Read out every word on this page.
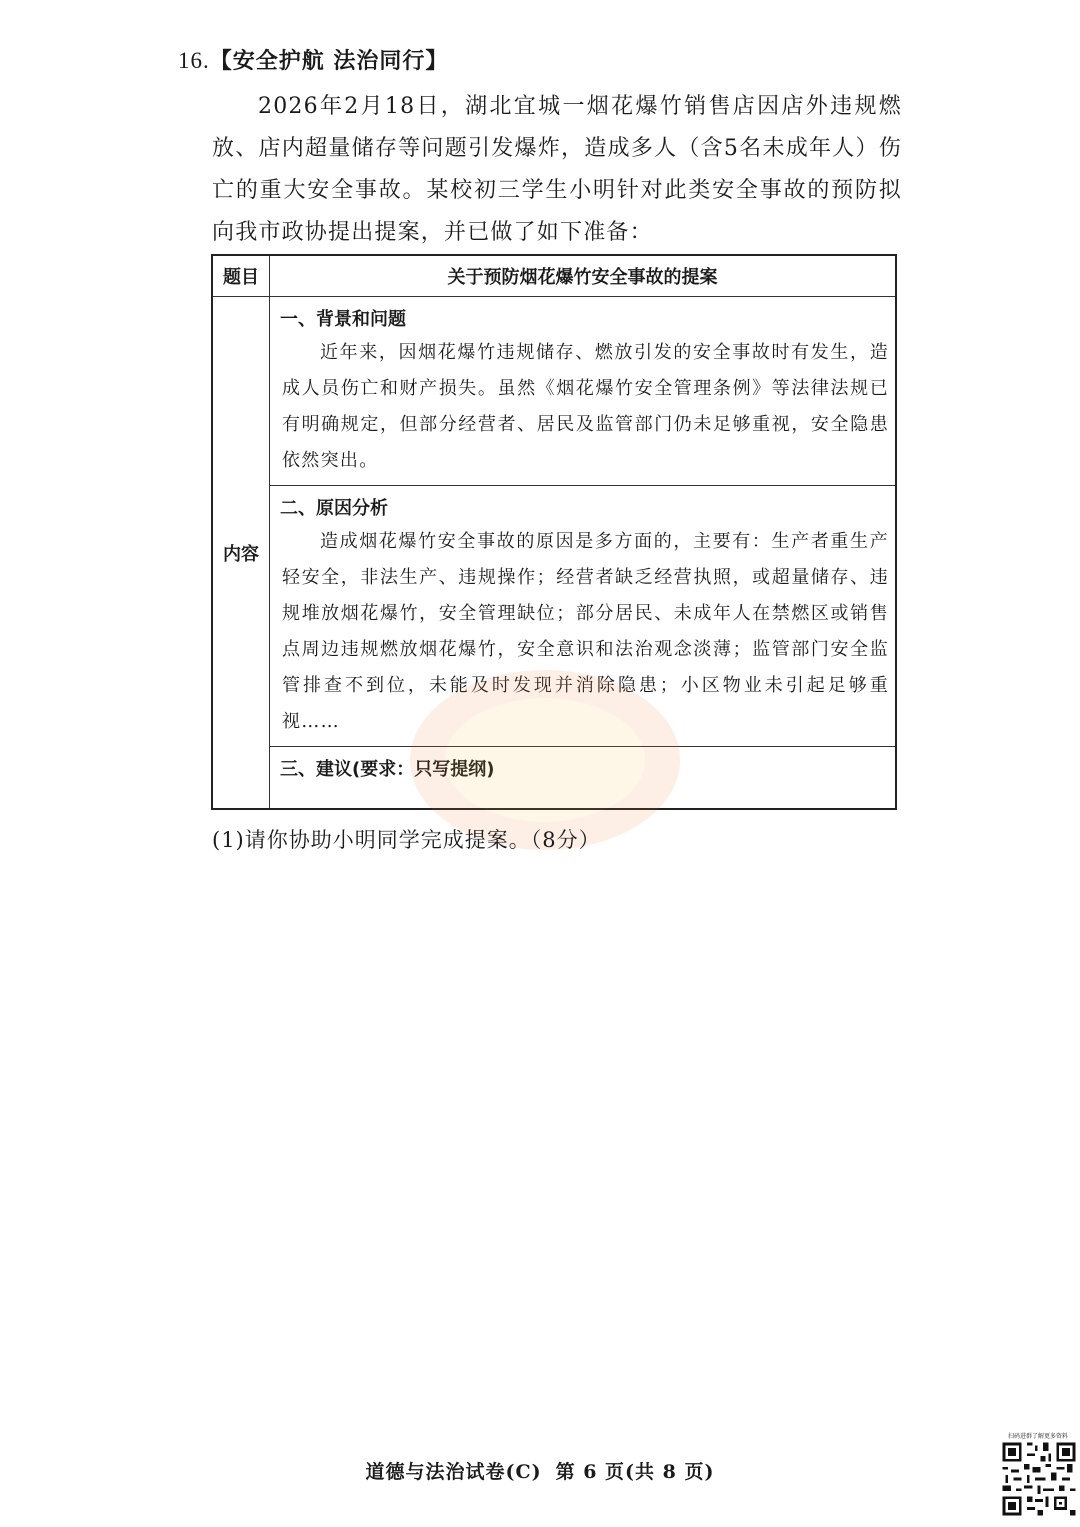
16.【安全护航 法治同行】
2026年2月18日，湖北宜城一烟花爆竹销售店因店外违规燃放、店内超量储存等问题引发爆炸，造成多人（含5名未成年人）伤亡的重大安全事故。某校初三学生小明针对此类安全事故的预防拟向我市政协提出提案，并已做了如下准备：
题目	关于预防烟花爆竹安全事故的提案
内容	一、背景和问题
近年来，因烟花爆竹违规储存、燃放引发的安全事故时有发生，造成人员伤亡和财产损失。虽然《烟花爆竹安全管理条例》等法律法规已有明确规定，但部分经营者、居民及监管部门仍未足够重视，安全隐患依然突出。

	二、原因分析
造成烟花爆竹安全事故的原因是多方面的，主要有：生产者重生产轻安全，非法生产、违规操作；经营者缺乏经营执照，或超量储存、违规堆放烟花爆竹，安全管理缺位；部分居民、未成年人在禁燃区或销售点周边违规燃放烟花爆竹，安全意识和法治观念淡薄；监管部门安全监管排查不到位，未能及时发现并消除隐患；小区物业未引起足够重视……

	三、建议(要求：只写提纲)
(1)请你协助小明同学完成提案。（8分）
道德与法治试卷(C) 第 6 页(共 8 页)
扫码进群了解更多资料
